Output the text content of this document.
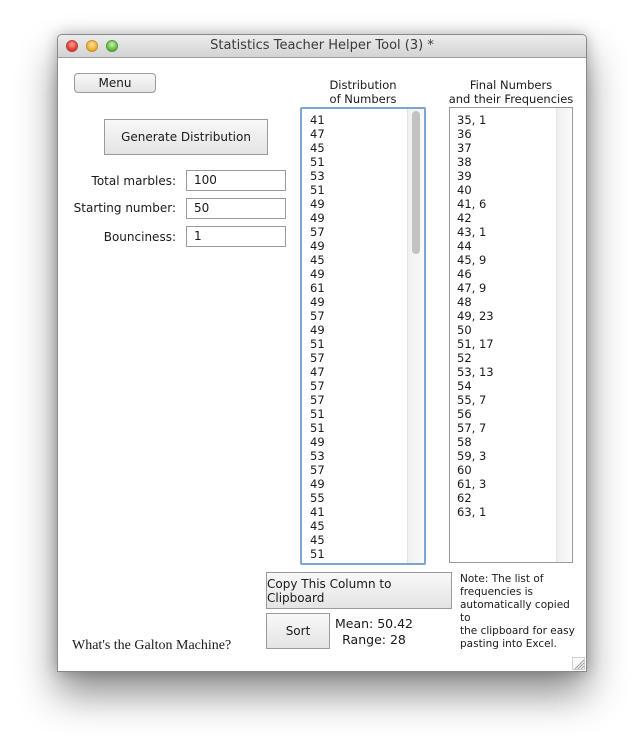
Statistics Teacher Helper Tool (3) *
Menu
Generate Distribution
Total marbles:	100
Starting number:	50
Bounciness:	1
What's the Galton Machine?
Distribution
of Numbers
41
47
45
51
53
51
49
49
57
49
45
49
61
49
57
49
51
57
47
57
57
51
51
49
53
57
49
55
41
45
45
51
Final Numbers
and their Frequencies
35, 1
36
37
38
39
40
41, 6
42
43, 1
44
45, 9
46
47, 9
48
49, 23
50
51, 17
52
53, 13
54
55, 7
56
57, 7
58
59, 3
60
61, 3
62
63, 1
Copy This Column to Clipboard
Sort	Mean: 50.42
Range: 28
Note: The list of
frequencies is
automatically copied to
the clipboard for easy
pasting into Excel.
